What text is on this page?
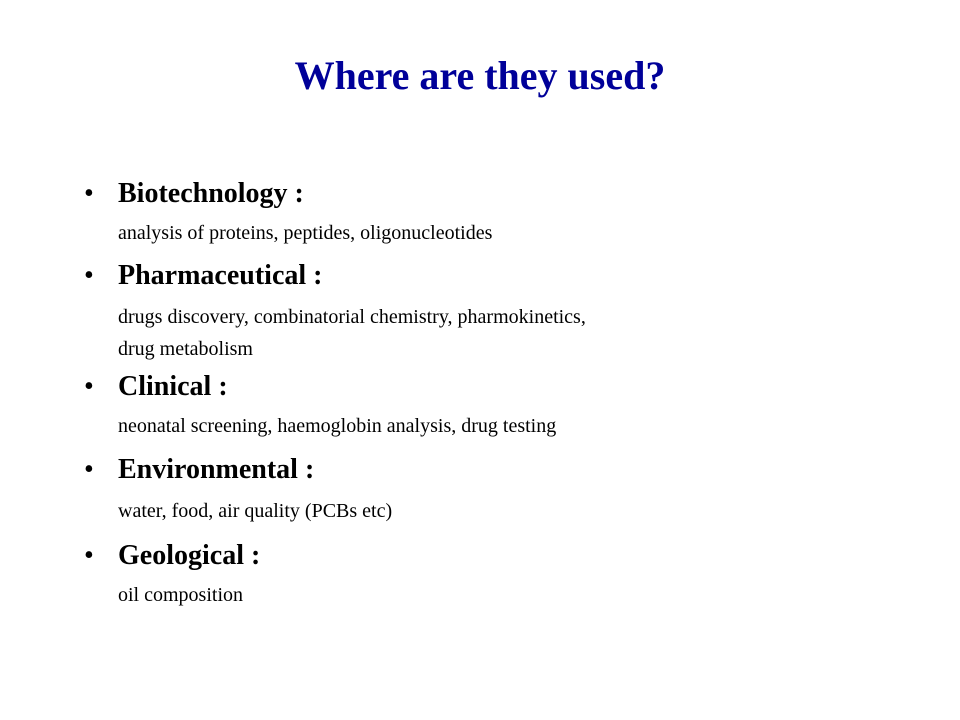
Where are they used?
• Biotechnology :
analysis of proteins, peptides, oligonucleotides
• Pharmaceutical :
drugs discovery, combinatorial chemistry, pharmokinetics,
drug metabolism
• Clinical :
neonatal screening, haemoglobin analysis, drug testing
• Environmental :
water, food, air quality (PCBs etc)
• Geological :
oil composition
